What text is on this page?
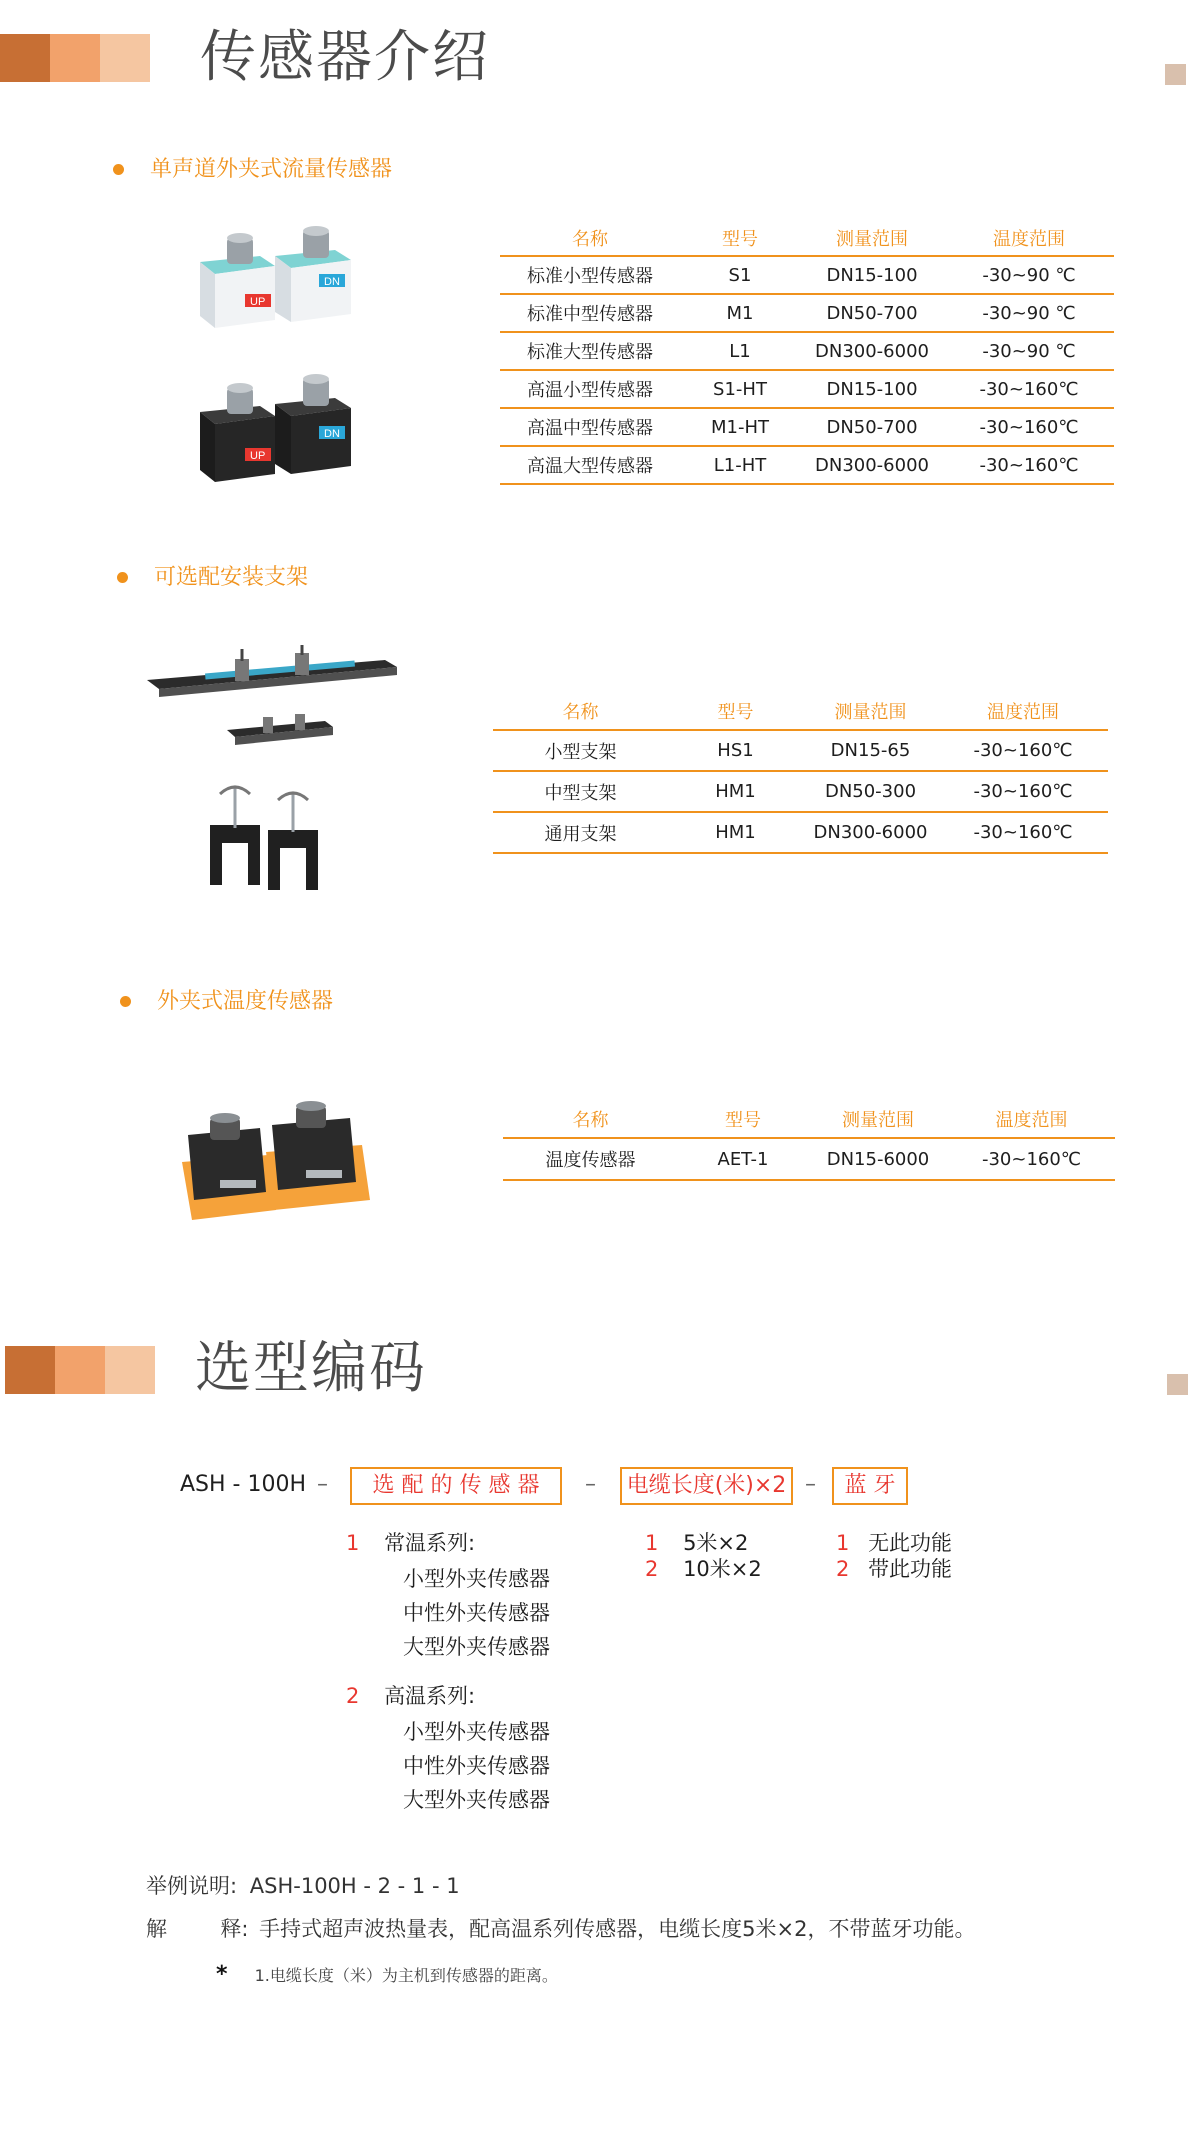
传感器介绍
单声道外夹式流量传感器
UP
DN
UP
DN
名称	型号	测量范围	温度范围
标准小型传感器	S1	DN15-100	-30~90 ℃
标准中型传感器	M1	DN50-700	-30~90 ℃
标准大型传感器	L1	DN300-6000	-30~90 ℃
高温小型传感器	S1-HT	DN15-100	-30~160℃
高温中型传感器	M1-HT	DN50-700	-30~160℃
高温大型传感器	L1-HT	DN300-6000	-30~160℃
可选配安装支架
名称	型号	测量范围	温度范围
小型支架	HS1	DN15-65	-30~160℃
中型支架	HM1	DN50-300	-30~160℃
通用支架	HM1	DN300-6000	-30~160℃
外夹式温度传感器
名称	型号	测量范围	温度范围
温度传感器	AET-1	DN15-6000	-30~160℃
选型编码
ASH - 100H –	选 配 的 传 感 器	–	电缆长度(米)×2 –	蓝 牙
1 常温系列:
小型外夹传感器
中性外夹传感器
大型外夹传感器
2 高温系列:
小型外夹传感器
中性外夹传感器
大型外夹传感器
1 5米×2
2 10米×2
1 无此功能
2 带此功能
举例说明: ASH-100H - 2 - 1 - 1
解        释: 手持式超声波热量表，配高温系列传感器，电缆长度5米×2，不带蓝牙功能。
* 1.电缆长度（米）为主机到传感器的距离。
